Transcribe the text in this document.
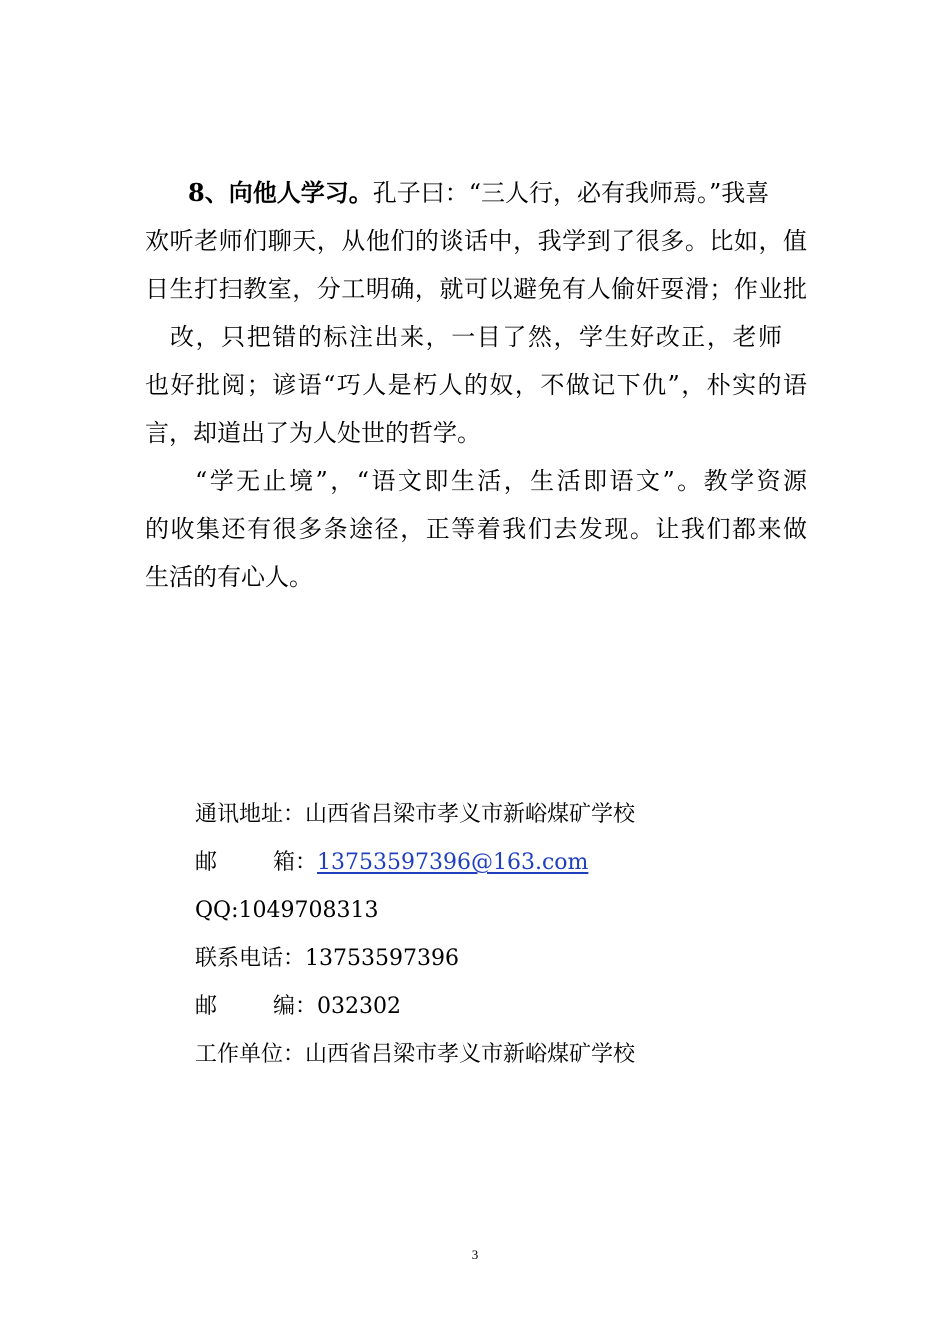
8、向他人学习。孔子曰：“三人行，必有我师焉。”我喜
欢听老师们聊天，从他们的谈话中，我学到了很多。比如，值
日生打扫教室，分工明确，就可以避免有人偷奸耍滑；作业批
改，只把错的标注出来，一目了然，学生好改正，老师
也好批阅；谚语“巧人是朽人的奴，不做记下仇”，朴实的语
言，却道出了为人处世的哲学。
“学无止境”，“语文即生活，生活即语文”。教学资源
的收集还有很多条途径，正等着我们去发现。让我们都来做
生活的有心人。
通讯地址：山西省吕梁市孝义市新峪煤矿学校
邮	箱： 13753597396@163.com
QQ:1049708313
联系电话：13753597396
邮	编： 032302
工作单位：山西省吕梁市孝义市新峪煤矿学校
3
